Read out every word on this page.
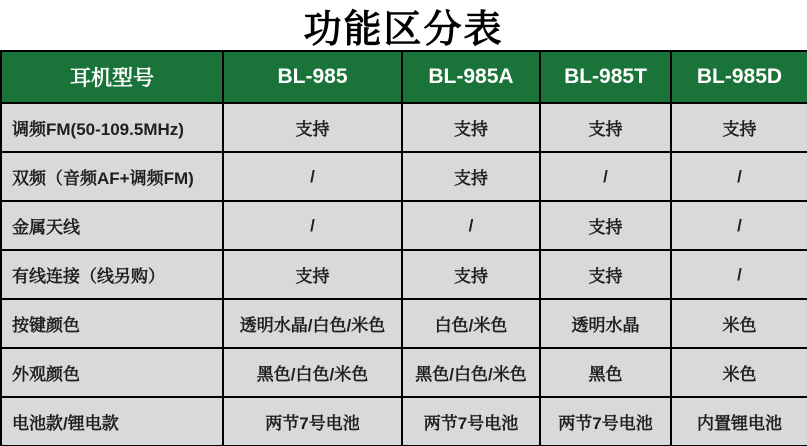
功能区分表
耳机型号	BL-985	BL-985A	BL-985T	BL-985D
调频FM(50-109.5MHz)	支持	支持	支持	支持
双频（音频AF+调频FM)	/	支持	/	/
金属天线	/	/	支持	/
有线连接（线另购）	支持	支持	支持	/
按键颜色	透明水晶/白色/米色	白色/米色	透明水晶	米色
外观颜色	黑色/白色/米色	黑色/白色/米色	黑色	米色
电池款/锂电款	两节7号电池	两节7号电池	两节7号电池	内置锂电池
